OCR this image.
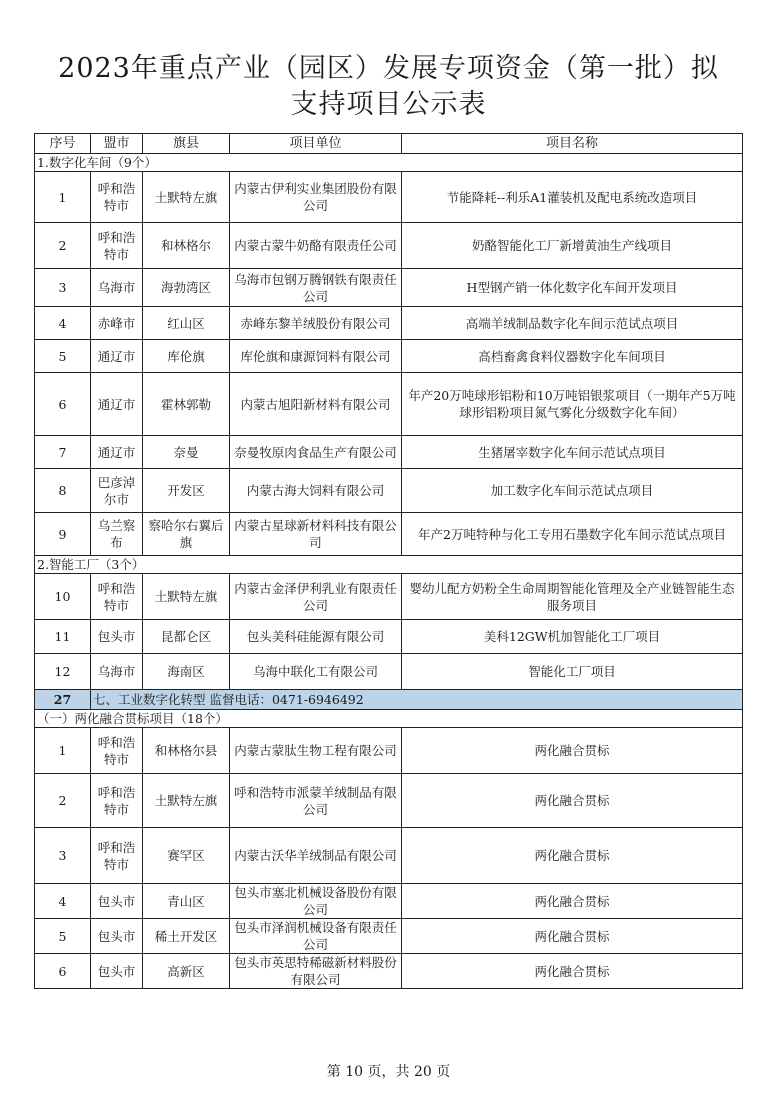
2023年重点产业（园区）发展专项资金（第一批）拟
支持项目公示表
序号	盟市	旗县	项目单位	项目名称
1.数字化车间（9个）				
1	呼和浩特市	土默特左旗	内蒙古伊利实业集团股份有限公司	节能降耗--利乐A1灌装机及配电系统改造项目
2	呼和浩特市	和林格尔	内蒙古蒙牛奶酪有限责任公司	奶酪智能化工厂新增黄油生产线项目
3	乌海市	海勃湾区	乌海市包钢万腾钢铁有限责任公司	H型钢产销一体化数字化车间开发项目
4	赤峰市	红山区	赤峰东黎羊绒股份有限公司	高端羊绒制品数字化车间示范试点项目
5	通辽市	库伦旗	库伦旗和康源饲料有限公司	高档畜禽食料仪器数字化车间项目
6	通辽市	霍林郭勒	内蒙古旭阳新材料有限公司	年产20万吨球形铝粉和10万吨铝银浆项目（一期年产5万吨球形铝粉项目氮气雾化分级数字化车间）
7	通辽市	奈曼	奈曼牧原肉食品生产有限公司	生猪屠宰数字化车间示范试点项目
8	巴彦淖尔市	开发区	内蒙古海大饲料有限公司	加工数字化车间示范试点项目
9	乌兰察布	察哈尔右翼后旗	内蒙古星球新材料科技有限公司	年产2万吨特种与化工专用石墨数字化车间示范试点项目
2.智能工厂（3个）				
10	呼和浩特市	土默特左旗	内蒙古金泽伊利乳业有限责任公司	婴幼儿配方奶粉全生命周期智能化管理及全产业链智能生态服务项目
11	包头市	昆都仑区	包头美科硅能源有限公司	美科12GW机加智能化工厂项目
12	乌海市	海南区	乌海中联化工有限公司	智能化工厂项目
27	七、工业数字化转型 监督电话：0471-6946492			
（一）两化融合贯标项目（18个）				
1	呼和浩特市	和林格尔县	内蒙古蒙肽生物工程有限公司	两化融合贯标
2	呼和浩特市	土默特左旗	呼和浩特市派蒙羊绒制品有限公司	两化融合贯标
3	呼和浩特市	赛罕区	内蒙古沃华羊绒制品有限公司	两化融合贯标
4	包头市	青山区	包头市塞北机械设备股份有限公司	两化融合贯标
5	包头市	稀土开发区	包头市泽润机械设备有限责任公司	两化融合贯标
6	包头市	高新区	包头市英思特稀磁新材料股份有限公司	两化融合贯标
第 10 页，共 20 页
